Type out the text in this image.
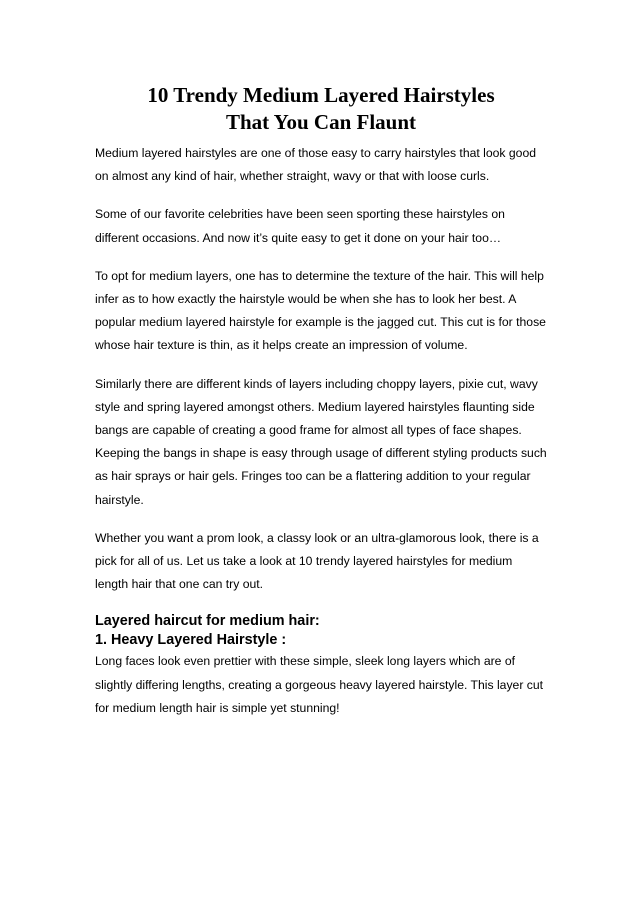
10 Trendy Medium Layered Hairstyles
That You Can Flaunt

Medium layered hairstyles are one of those easy to carry hairstyles that look good on almost any kind of hair, whether straight, wavy or that with loose curls.

Some of our favorite celebrities have been seen sporting these hairstyles on different occasions. And now it’s quite easy to get it done on your hair too…

To opt for medium layers, one has to determine the texture of the hair. This will help infer as to how exactly the hairstyle would be when she has to look her best. A popular medium layered hairstyle for example is the jagged cut. This cut is for those whose hair texture is thin, as it helps create an impression of volume.

Similarly there are different kinds of layers including choppy layers, pixie cut, wavy style and spring layered amongst others. Medium layered hairstyles flaunting side bangs are capable of creating a good frame for almost all types of face shapes. Keeping the bangs in shape is easy through usage of different styling products such as hair sprays or hair gels. Fringes too can be a flattering addition to your regular hairstyle.

Whether you want a prom look, a classy look or an ultra-glamorous look, there is a pick for all of us. Let us take a look at 10 trendy layered hairstyles for medium length hair that one can try out.

Layered haircut for medium hair:
1. Heavy Layered Hairstyle :

Long faces look even prettier with these simple, sleek long layers which are of slightly differing lengths, creating a gorgeous heavy layered hairstyle. This layer cut for medium length hair is simple yet stunning!
